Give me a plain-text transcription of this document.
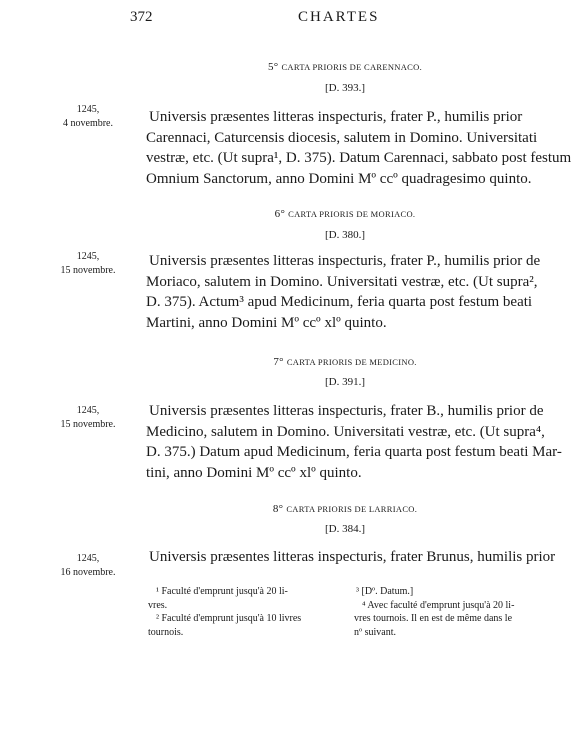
372	CHARTES
5° CARTA PRIORIS DE CARENNACO.
[D. 393.]
1245,
4 novembre.	Universis præsentes litteras inspecturis, frater P., humilis prior
Carennaci, Caturcensis diocesis, salutem in Domino. Universitati
vestræ, etc. (Ut supra¹, D. 375). Datum Carennaci, sabbato post festum
Omnium Sanctorum, anno Domini Mº ccº quadragesimo quinto.
6° CARTA PRIORIS DE MORIACO.
[D. 380.]
1245,
15 novembre.
Universis præsentes litteras inspecturis, frater P., humilis prior de
Moriaco, salutem in Domino. Universitati vestræ, etc. (Ut supra²,
D. 375). Actum³ apud Medicinum, feria quarta post festum beati
Martini, anno Domini Mº ccº xlº quinto.
7° CARTA PRIORIS DE MEDICINO.
[D. 391.]
1245,
15 novembre.
Universis præsentes litteras inspecturis, frater B., humilis prior de
Medicino, salutem in Domino. Universitati vestræ, etc. (Ut supra⁴,
D. 375.) Datum apud Medicinum, feria quarta post festum beati Mar-
tini, anno Domini Mº ccº xlº quinto.
8° CARTA PRIORIS DE LARRIACO.
[D. 384.]
1245,
16 novembre.
Universis præsentes litteras inspecturis, frater Brunus, humilis prior
¹ Faculté d'emprunt jusqu'à 20 li-
vres.
² Faculté d'emprunt jusqu'à 10 livres
tournois.
³ [Dº. Datum.]
⁴ Avec faculté d'emprunt jusqu'à 20 li-
vres tournois. Il en est de même dans le
nº suivant.
